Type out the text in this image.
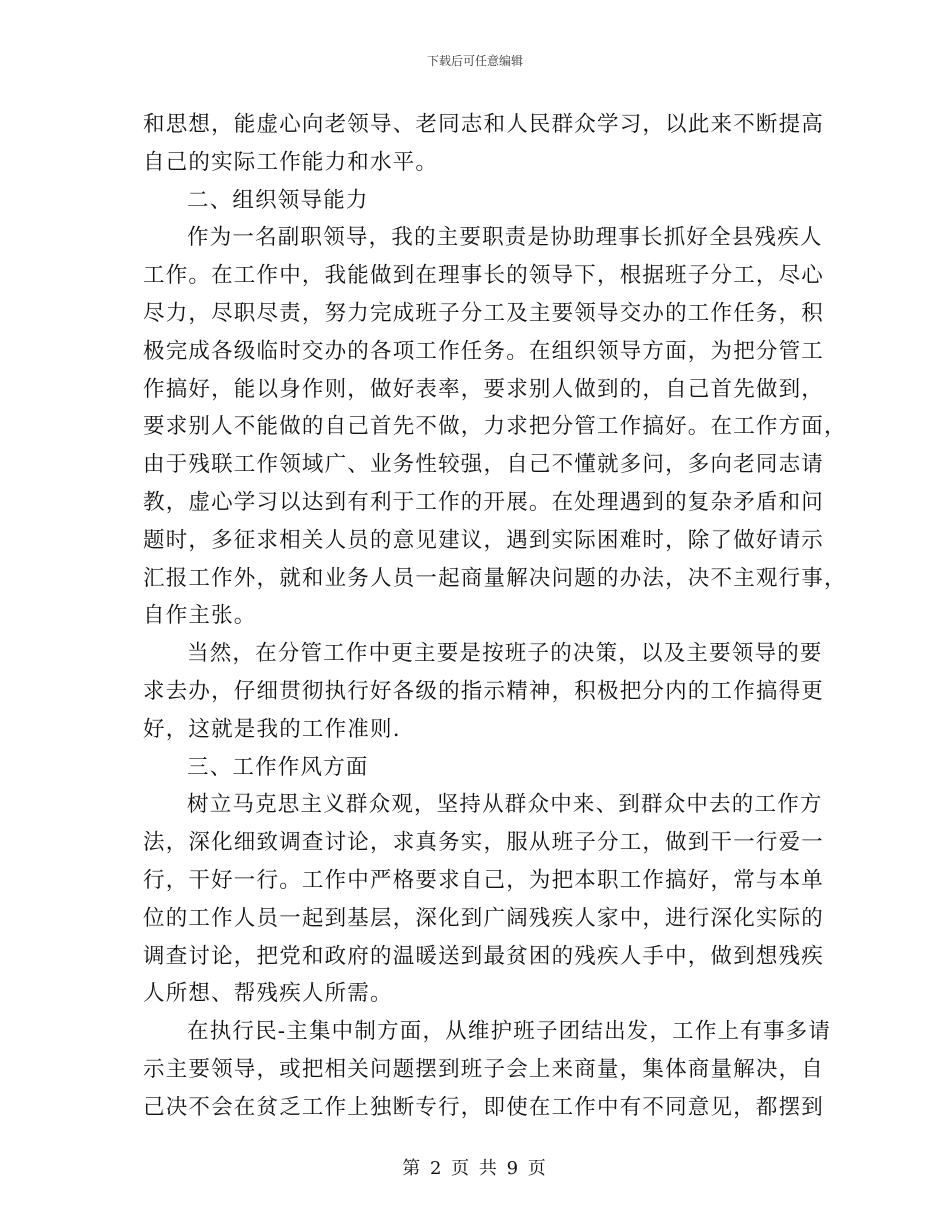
下载后可任意编辑
和思想，能虚心向老领导、老同志和人民群众学习，以此来不断提高
自己的实际工作能力和水平。
二、组织领导能力
作为一名副职领导，我的主要职责是协助理事长抓好全县残疾人
工作。在工作中，我能做到在理事长的领导下，根据班子分工，尽心
尽力，尽职尽责，努力完成班子分工及主要领导交办的工作任务，积
极完成各级临时交办的各项工作任务。在组织领导方面，为把分管工
作搞好，能以身作则，做好表率，要求别人做到的，自己首先做到，
要求别人不能做的自己首先不做，力求把分管工作搞好。在工作方面，
由于残联工作领域广、业务性较强，自己不懂就多问，多向老同志请
教，虚心学习以达到有利于工作的开展。在处理遇到的复杂矛盾和问
题时，多征求相关人员的意见建议，遇到实际困难时，除了做好请示
汇报工作外，就和业务人员一起商量解决问题的办法，决不主观行事，
自作主张。
当然，在分管工作中更主要是按班子的决策，以及主要领导的要
求去办，仔细贯彻执行好各级的指示精神，积极把分内的工作搞得更
好，这就是我的工作准则.
三、工作作风方面
树立马克思主义群众观，坚持从群众中来、到群众中去的工作方
法，深化细致调查讨论，求真务实，服从班子分工，做到干一行爱一
行，干好一行。工作中严格要求自己，为把本职工作搞好，常与本单
位的工作人员一起到基层，深化到广阔残疾人家中，进行深化实际的
调查讨论，把党和政府的温暖送到最贫困的残疾人手中，做到想残疾
人所想、帮残疾人所需。
在执行民-主集中制方面，从维护班子团结出发，工作上有事多请
示主要领导，或把相关问题摆到班子会上来商量，集体商量解决，自
己决不会在贫乏工作上独断专行，即使在工作中有不同意见，都摆到
第 2 页 共 9 页
